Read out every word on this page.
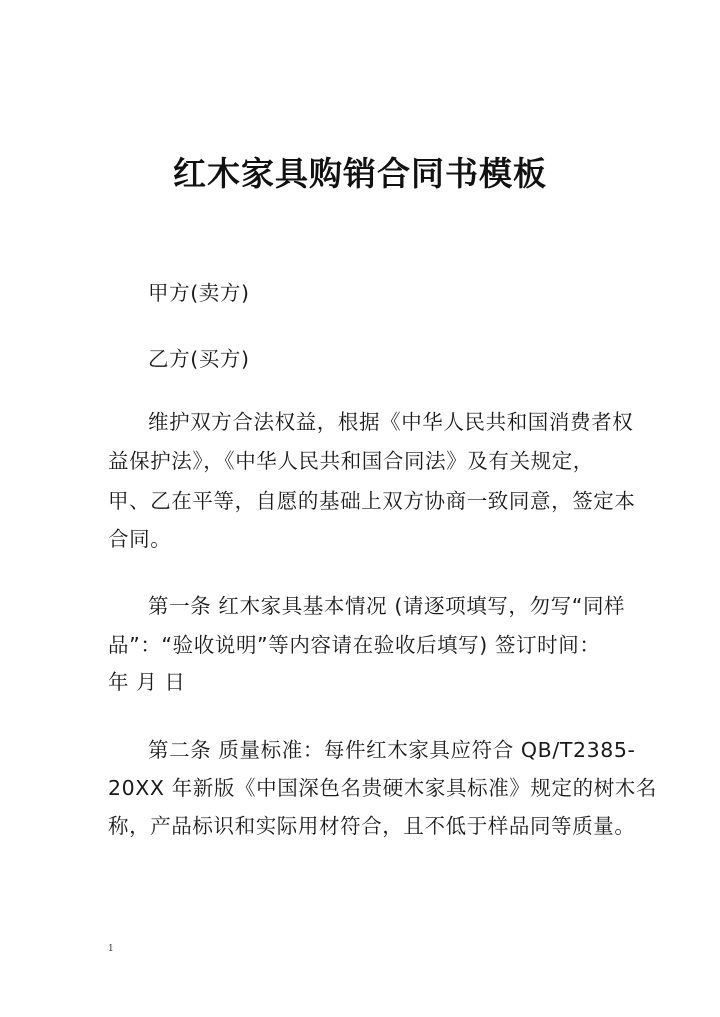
红木家具购销合同书模板
甲方(卖方)
乙方(买方)
维护双方合法权益，根据《中华人民共和国消费者权
益保护法》，《中华人民共和国合同法》及有关规定，
甲、乙在平等，自愿的基础上双方协商一致同意，签定本
合同。
第一条 红木家具基本情况 (请逐项填写，勿写“同样
品”：“验收说明”等内容请在验收后填写) 签订时间：
年 月 日
第二条 质量标准：每件红木家具应符合 QB/T2385-
20XX 年新版《中国深色名贵硬木家具标准》规定的树木名
称，产品标识和实际用材符合，且不低于样品同等质量。
1
